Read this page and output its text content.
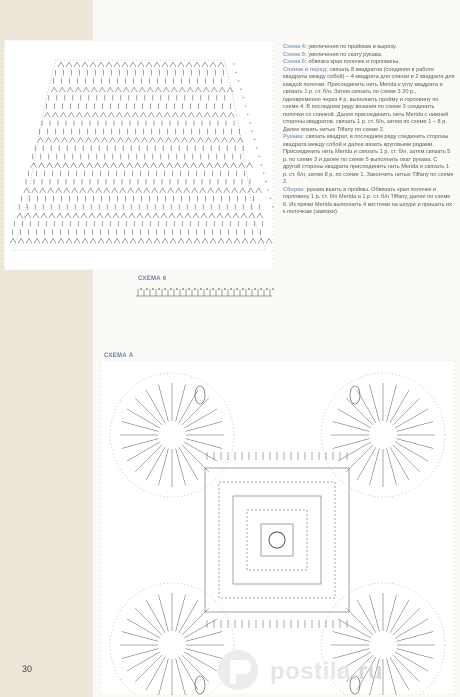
Схема 4: увеличения по проймам и вырезу.

Схема 5: увеличения по скату рукава.

Схема 6: обвязка края полочек и горловины.

Спинка и перед: связать 8 квадратов (соединяя в работе квадраты между собой) – 4 квадрата для спинки и 2 квадрата для каждой полочки. Присоединить нить Merida к углу квадрата и связать 1 р. ст. б/н. Затем связать по схеме 3 20 р., одновременно через 4 р. выполнить пройму и горловину по схеме 4. В последнем ряду вязания по схеме 3 соединить полочки со спинкой. Далее присоединить нить Merida с нижней стороны квадратов, связать 1 р. ст. б/н, затем по схеме 1 – 8 р. Далее вязать нитью Tiffany по схеме 2.

Рукава: связать квадрат, в последнем ряду соединить стороны квадрата между собой и далее вязать круговыми рядами. Присоединить нить Merida и связать 1 р. ст. б/н, затем связать 5 р. по схеме 3 и далее по схеме 5 выполнить окат рукава. С другой стороны квадрата присоединить нить Merida и связать 1 р. ст. б/н, затем 8 р. по схеме 1. Закончить нитью Tiffany по схеме 2.

Сборка: рукава вшить в проймы. Обвязать края полочек и горловину 1 р. ст. б/н Merida и 1 р. ст. б/н Tiffany, далее по схеме 6. Из пряжи Merida выполнить 4 кисточки на шнуре и пришить их к полочкам (завязки).

СХЕМА 6
СХЕМА А
30	postila.ru
